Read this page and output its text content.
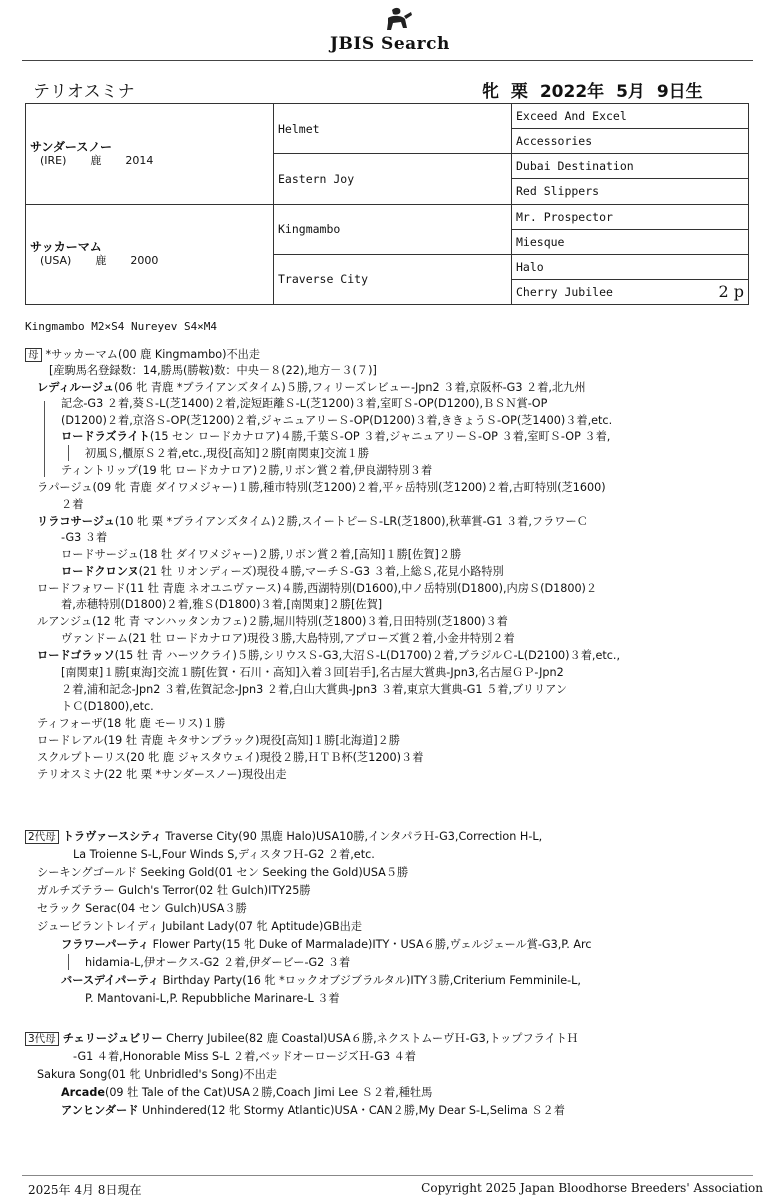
JBIS Search
テリオスミナ	牝 栗 2022年 5月 9日生
サンダースノー
(IRE) 鹿 2014	Helmet	Exceed And Excel
		Accessories
	Eastern Joy	Dubai Destination
		Red Slippers

サッカーマム
(USA) 鹿 2000	Kingmambo	Mr. Prospector
		Miesque
	Traverse City	Halo
		Cherry Jubilee 2 p
Kingmambo M2×S4 Nureyev S4×M4
母 *サッカーマム(00 鹿 Kingmambo)不出走
[産駒馬名登録数：14,勝馬(勝鞍)数：中央－８(22),地方－３(７)]
レディルージュ(06 牝 青鹿 *ブライアンズタイム)５勝,フィリーズレビュー-Jpn2 ３着,京阪杯-G3 ２着,北九州
記念-G3 ２着,葵Ｓ-L(芝1400)２着,淀短距離Ｓ-L(芝1200)３着,室町Ｓ-OP(D1200),ＢＳＮ賞-OP
(D1200)２着,京洛Ｓ-OP(芝1200)２着,ジャニュアリーＳ-OP(D1200)３着,ききょうＳ-OP(芝1400)３着,etc.
ロードラズライト(15 セン ロードカナロア)４勝,千葉Ｓ-OP ３着,ジャニュアリーＳ-OP ３着,室町Ｓ-OP ３着,
初風Ｓ,櫃原Ｓ２着,etc.,現役[高知]２勝[南関東]交流１勝
ティントリップ(19 牝 ロードカナロア)２勝,リボン賞２着,伊良湖特別３着
ラパージュ(09 牝 青鹿 ダイワメジャー)１勝,種市特別(芝1200)２着,平ヶ岳特別(芝1200)２着,古町特別(芝1600)
２着
リラコサージュ(10 牝 栗 *ブライアンズタイム)２勝,スイートピーＳ-LR(芝1800),秋華賞-G1 ３着,フラワーＣ
-G3 ３着
ロードサージュ(18 牡 ダイワメジャー)２勝,リボン賞２着,[高知]１勝[佐賀]２勝
ロードクロンヌ(21 牡 リオンディーズ)現役４勝,マーチＳ-G3 ３着,上総Ｓ,花見小路特別
ロードフォワード(11 牡 青鹿 ネオユニヴァース)４勝,西湖特別(D1600),中ノ岳特別(D1800),内房Ｓ(D1800)２
着,赤穂特別(D1800)２着,雅Ｓ(D1800)３着,[南関東]２勝[佐賀]
ルアンジュ(12 牝 青 マンハッタンカフェ)２勝,堀川特別(芝1800)３着,日田特別(芝1800)３着
ヴァンドーム(21 牡 ロードカナロア)現役３勝,大島特別,アプローズ賞２着,小金井特別２着
ロードゴラッソ(15 牡 青 ハーツクライ)５勝,シリウスＳ-G3,大沼Ｓ-L(D1700)２着,ブラジルＣ-L(D2100)３着,etc.,
[南関東]１勝[東海]交流１勝[佐賀・石川・高知]入着３回[岩手],名古屋大賞典-Jpn3,名古屋ＧＰ-Jpn2
２着,浦和記念-Jpn2 ３着,佐賀記念-Jpn3 ２着,白山大賞典-Jpn3 ３着,東京大賞典-G1 ５着,ブリリアン
トＣ(D1800),etc.
ティフォーザ(18 牝 鹿 モーリス)１勝
ロードレアル(19 牡 青鹿 キタサンブラック)現役[高知]１勝[北海道]２勝
スクルプトーリス(20 牝 鹿 ジャスタウェイ)現役２勝,ＨＴＢ杯(芝1200)３着
テリオスミナ(22 牝 栗 *サンダースノー)現役出走
2代母 トラヴァースシティ Traverse City(90 黒鹿 Halo)USA10勝,インタパラＨ-G3,Correction H-L,
La Troienne S-L,Four Winds S,ディスタフＨ-G2 ２着,etc.
シーキングゴールド Seeking Gold(01 セン Seeking the Gold)USA５勝
ガルチズテラー Gulch's Terror(02 牡 Gulch)ITY25勝
セラック Serac(04 セン Gulch)USA３勝
ジュービラントレイディ Jubilant Lady(07 牝 Aptitude)GB出走
フラワーパーティ Flower Party(15 牝 Duke of Marmalade)ITY・USA６勝,ヴェルジェール賞-G3,P. Arc
hidamia-L,伊オークス-G2 ２着,伊ダービー-G2 ３着
バースデイパーティ Birthday Party(16 牝 *ロックオブジブラルタル)ITY３勝,Criterium Femminile-L,
P. Mantovani-L,P. Repubbliche Marinare-L ３着
3代母 チェリージュビリー Cherry Jubilee(82 鹿 Coastal)USA６勝,ネクストムーヴＨ-G3,トップフライトＨ
-G1 ４着,Honorable Miss S-L ２着,ベッドオーロージズＨ-G3 ４着
Sakura Song(01 牝 Unbridled's Song)不出走
Arcade(09 牡 Tale of the Cat)USA２勝,Coach Jimi Lee Ｓ２着,種牡馬
アンヒンダード Unhindered(12 牝 Stormy Atlantic)USA・CAN２勝,My Dear S-L,Selima Ｓ２着
2025年 4月 8日現在	Copyright 2025 Japan Bloodhorse Breeders' Association
